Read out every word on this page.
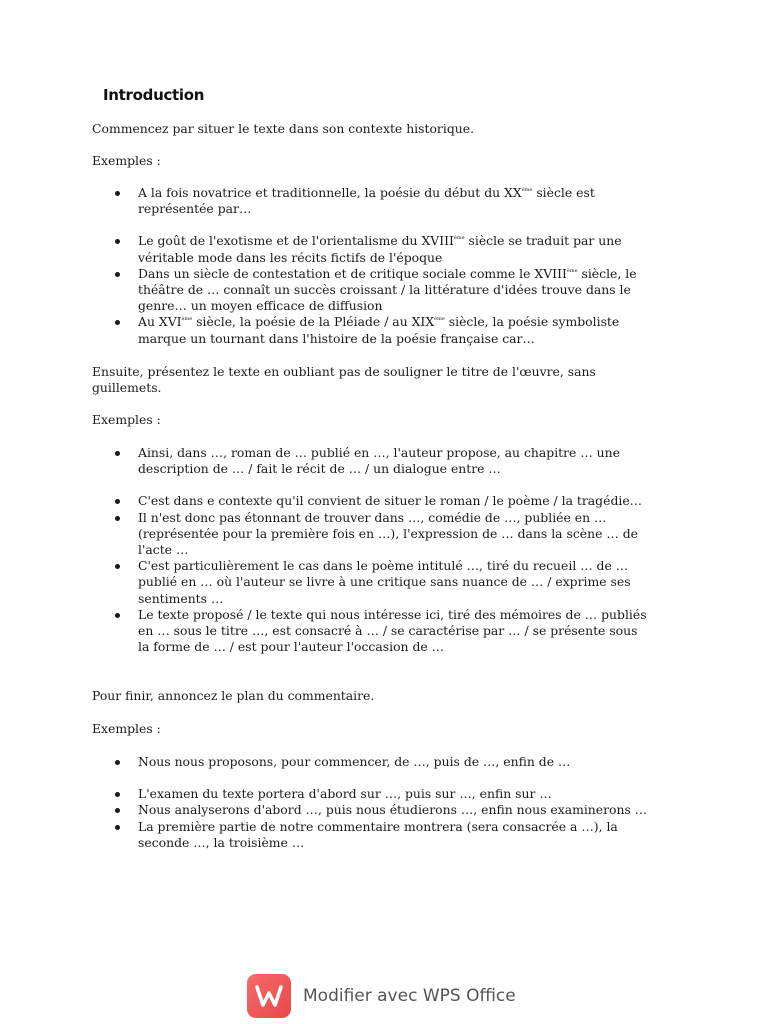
Introduction
Commencez par situer le texte dans son contexte historique.
Exemples :
A la fois novatrice et traditionnelle, la poésie du début du XXème siècle est représentée par…
Le goût de l'exotisme et de l'orientalisme du XVIIIème siècle se traduit par une véritable mode dans les récits fictifs de l'époque
Dans un siècle de contestation et de critique sociale comme le XVIIIème siècle, le théâtre de … connaît un succès croissant / la littérature d'idées trouve dans le genre… un moyen efficace de diffusion
Au XVIème siècle, la poésie de la Pléiade / au XIXème siècle, la poésie symboliste marque un tournant dans l'histoire de la poésie française car…
Ensuite, présentez le texte en oubliant pas de souligner le titre de l'œuvre, sans guillemets.
Exemples :
Ainsi, dans …, roman de … publié en …, l'auteur propose, au chapitre … une description de … / fait le récit de … / un dialogue entre …
C'est dans e contexte qu'il convient de situer le roman / le poème / la tragédie…
Il n'est donc pas étonnant de trouver dans …, comédie de …, publiée en … (représentée pour la première fois en …), l'expression de … dans la scène … de l'acte …
C'est particulièrement le cas dans le poème intitulé …, tiré du recueil … de … publié en … où l'auteur se livre à une critique sans nuance de … / exprime ses sentiments …
Le texte proposé / le texte qui nous intéresse ici, tiré des mémoires de … publiés en … sous le titre …, est consacré à … / se caractérise par … / se présente sous la forme de … / est pour l'auteur l'occasion de …
Pour finir, annoncez le plan du commentaire.
Exemples :
Nous nous proposons, pour commencer, de …, puis de …, enfin de …
L'examen du texte portera d'abord sur …, puis sur …, enfin sur …
Nous analyserons d'abord …, puis nous étudierons …, enfin nous examinerons …
La première partie de notre commentaire montrera (sera consacrée a …), la seconde …, la troisième …
Modifier avec WPS Office
